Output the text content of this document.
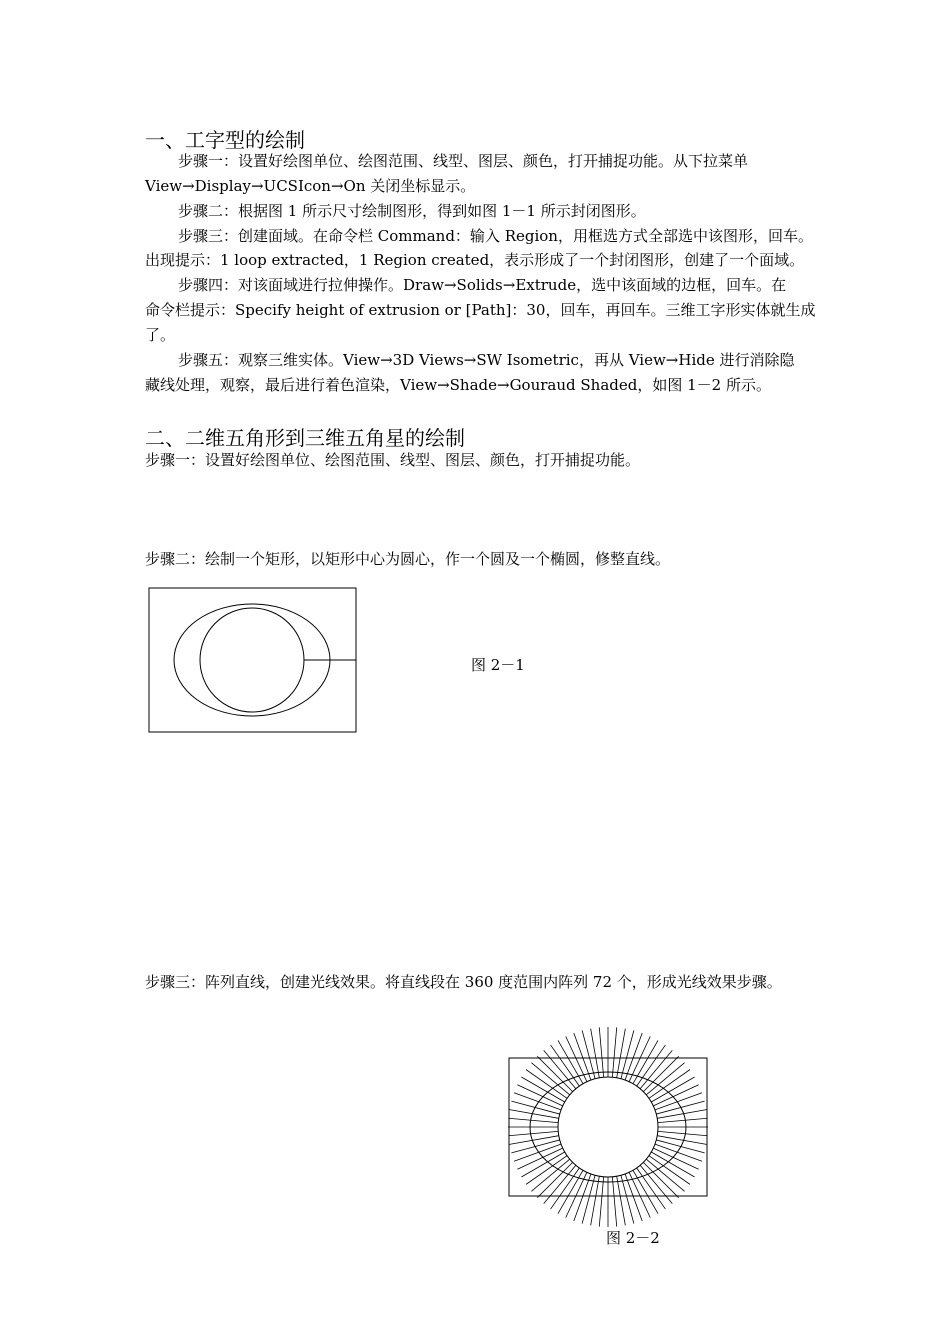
一、工字型的绘制
步骤一：设置好绘图单位、绘图范围、线型、图层、颜色，打开捕捉功能。从下拉菜单
View→Display→UCSIcon→On 关闭坐标显示。
步骤二：根据图 1 所示尺寸绘制图形，得到如图 1－1 所示封闭图形。
步骤三：创建面域。在命令栏 Command：输入 Region，用框选方式全部选中该图形，回车。
出现提示：1 loop extracted，1 Region created，表示形成了一个封闭图形，创建了一个面域。
步骤四：对该面域进行拉伸操作。Draw→Solids→Extrude，选中该面域的边框，回车。在
命令栏提示：Specify height of extrusion or [Path]：30，回车，再回车。三维工字形实体就生成
了。
步骤五：观察三维实体。View→3D Views→SW Isometric，再从 View→Hide 进行消除隐
藏线处理，观察，最后进行着色渲染，View→Shade→Gouraud Shaded，如图 1－2 所示。
二、二维五角形到三维五角星的绘制
步骤一：设置好绘图单位、绘图范围、线型、图层、颜色，打开捕捉功能。
步骤二：绘制一个矩形，以矩形中心为圆心，作一个圆及一个椭圆，修整直线。
图 2－1
步骤三：阵列直线，创建光线效果。将直线段在 360 度范围内阵列 72 个，形成光线效果步骤。
图 2－2
